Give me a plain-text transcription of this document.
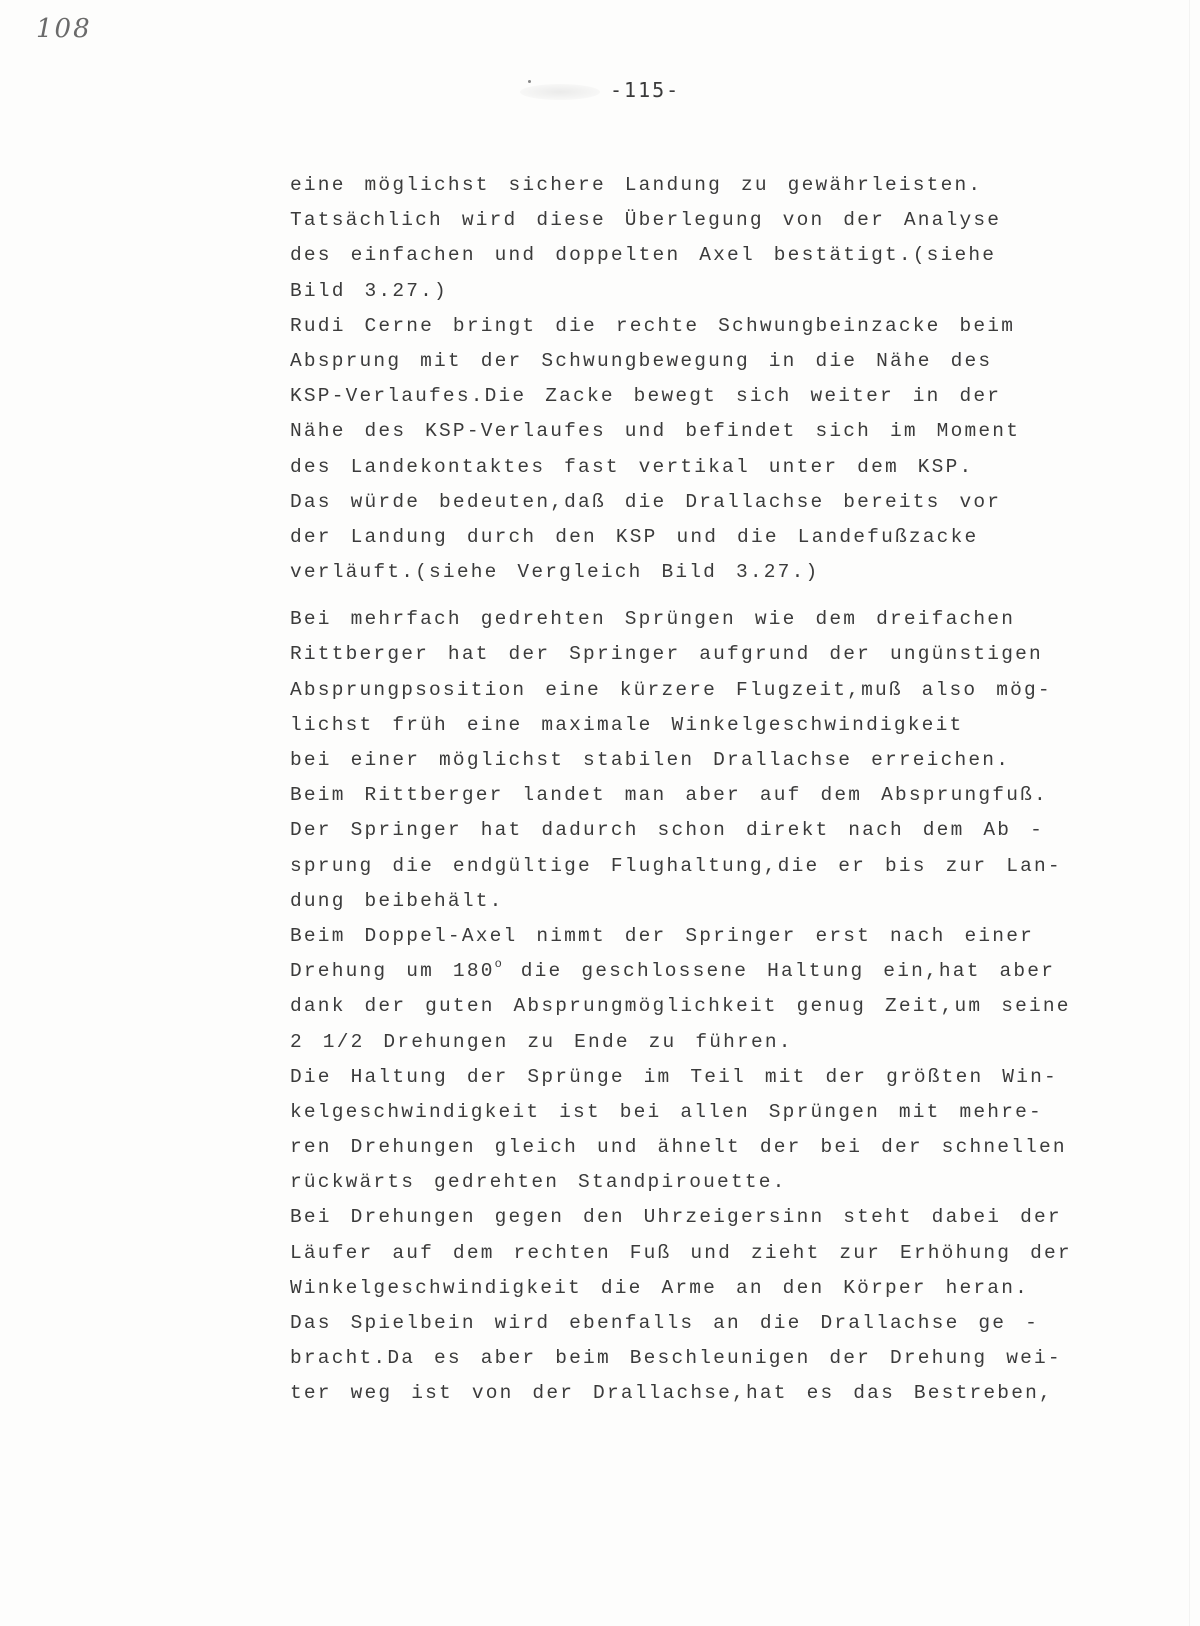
108
-115-
eine möglichst sichere Landung zu gewährleisten.
Tatsächlich wird diese Überlegung von der Analyse
des einfachen und doppelten Axel bestätigt.(siehe
Bild 3.27.)
Rudi Cerne bringt die rechte Schwungbeinzacke beim
Absprung mit der Schwungbewegung in die Nähe des
KSP-Verlaufes.Die Zacke bewegt sich weiter in der
Nähe des KSP-Verlaufes und befindet sich im Moment
des Landekontaktes fast vertikal unter dem KSP.
Das würde bedeuten,daß die Drallachse bereits vor
der Landung durch den KSP und die Landefußzacke
verläuft.(siehe Vergleich Bild 3.27.)
Bei mehrfach gedrehten Sprüngen wie dem dreifachen
Rittberger hat der Springer aufgrund der ungünstigen
Absprungpsosition eine kürzere Flugzeit,muß also mög-
lichst früh eine maximale Winkelgeschwindigkeit
bei einer möglichst stabilen Drallachse erreichen.
Beim Rittberger landet man aber auf dem Absprungfuß.
Der Springer hat dadurch schon direkt nach dem Ab -
sprung die endgültige Flughaltung,die er bis zur Lan-
dung beibehält.
Beim Doppel-Axel nimmt der Springer erst nach einer
Drehung um 180$^o$ die geschlossene Haltung ein,hat aber
dank der guten Absprungmöglichkeit genug Zeit,um seine
2 1/2 Drehungen zu Ende zu führen.
Die Haltung der Sprünge im Teil mit der größten Win-
kelgeschwindigkeit ist bei allen Sprüngen mit mehre-
ren Drehungen gleich und ähnelt der bei der schnellen
rückwärts gedrehten Standpirouette.
Bei Drehungen gegen den Uhrzeigersinn steht dabei der
Läufer auf dem rechten Fuß und zieht zur Erhöhung der
Winkelgeschwindigkeit die Arme an den Körper heran.
Das Spielbein wird ebenfalls an die Drallachse ge -
bracht.Da es aber beim Beschleunigen der Drehung wei-
ter weg ist von der Drallachse,hat es das Bestreben,
